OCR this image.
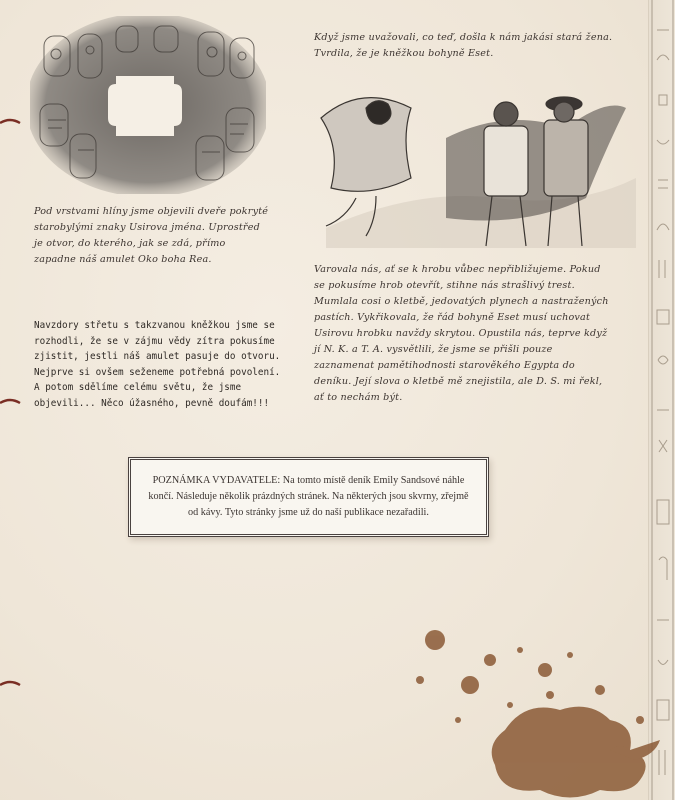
Když jsme uvažovali, co teď, došla k nám jakási stará žena. Tvrdila, že je kněžkou bohyně Eset.

Pod vrstvami hlíny jsme objevili dveře pokryté starobylými znaky Usirova jména. Uprostřed je otvor, do kterého, jak se zdá, přímo zapadne náš amulet Oko boha Rea.

Varovala nás, ať se k hrobu vůbec nepřibližujeme. Pokud se pokusíme hrob otevřít, stihne nás strašlivý trest. Mumlala cosi o kletbě, jedovatých plynech a nastražených pastích. Vykřikovala, že řád bohyně Eset musí uchovat Usirovu hrobku navždy skrytou. Opustila nás, teprve když jí N. K. a T. A. vysvětlili, že jsme se přišli pouze zaznamenat pamětihodnosti starověkého Egypta do deníku. Její slova o kletbě mě znejistila, ale D. S. mi řekl, ať to nechám být.

Navzdory střetu s takzvanou kněžkou jsme se rozhodli, že se v zájmu vědy zítra pokusíme zjistit, jestli náš amulet pasuje do otvoru. Nejprve si ovšem seženeme potřebná povolení. A potom sdělíme celému světu, že jsme objevili... Něco úžasného, pevně doufám!!!

POZNÁMKA VYDAVATELE: Na tomto místě deník Emily Sandsové náhle končí. Následuje několik prázdných stránek. Na některých jsou skvrny, zřejmě od kávy. Tyto stránky jsme už do naší publikace nezařadili.
